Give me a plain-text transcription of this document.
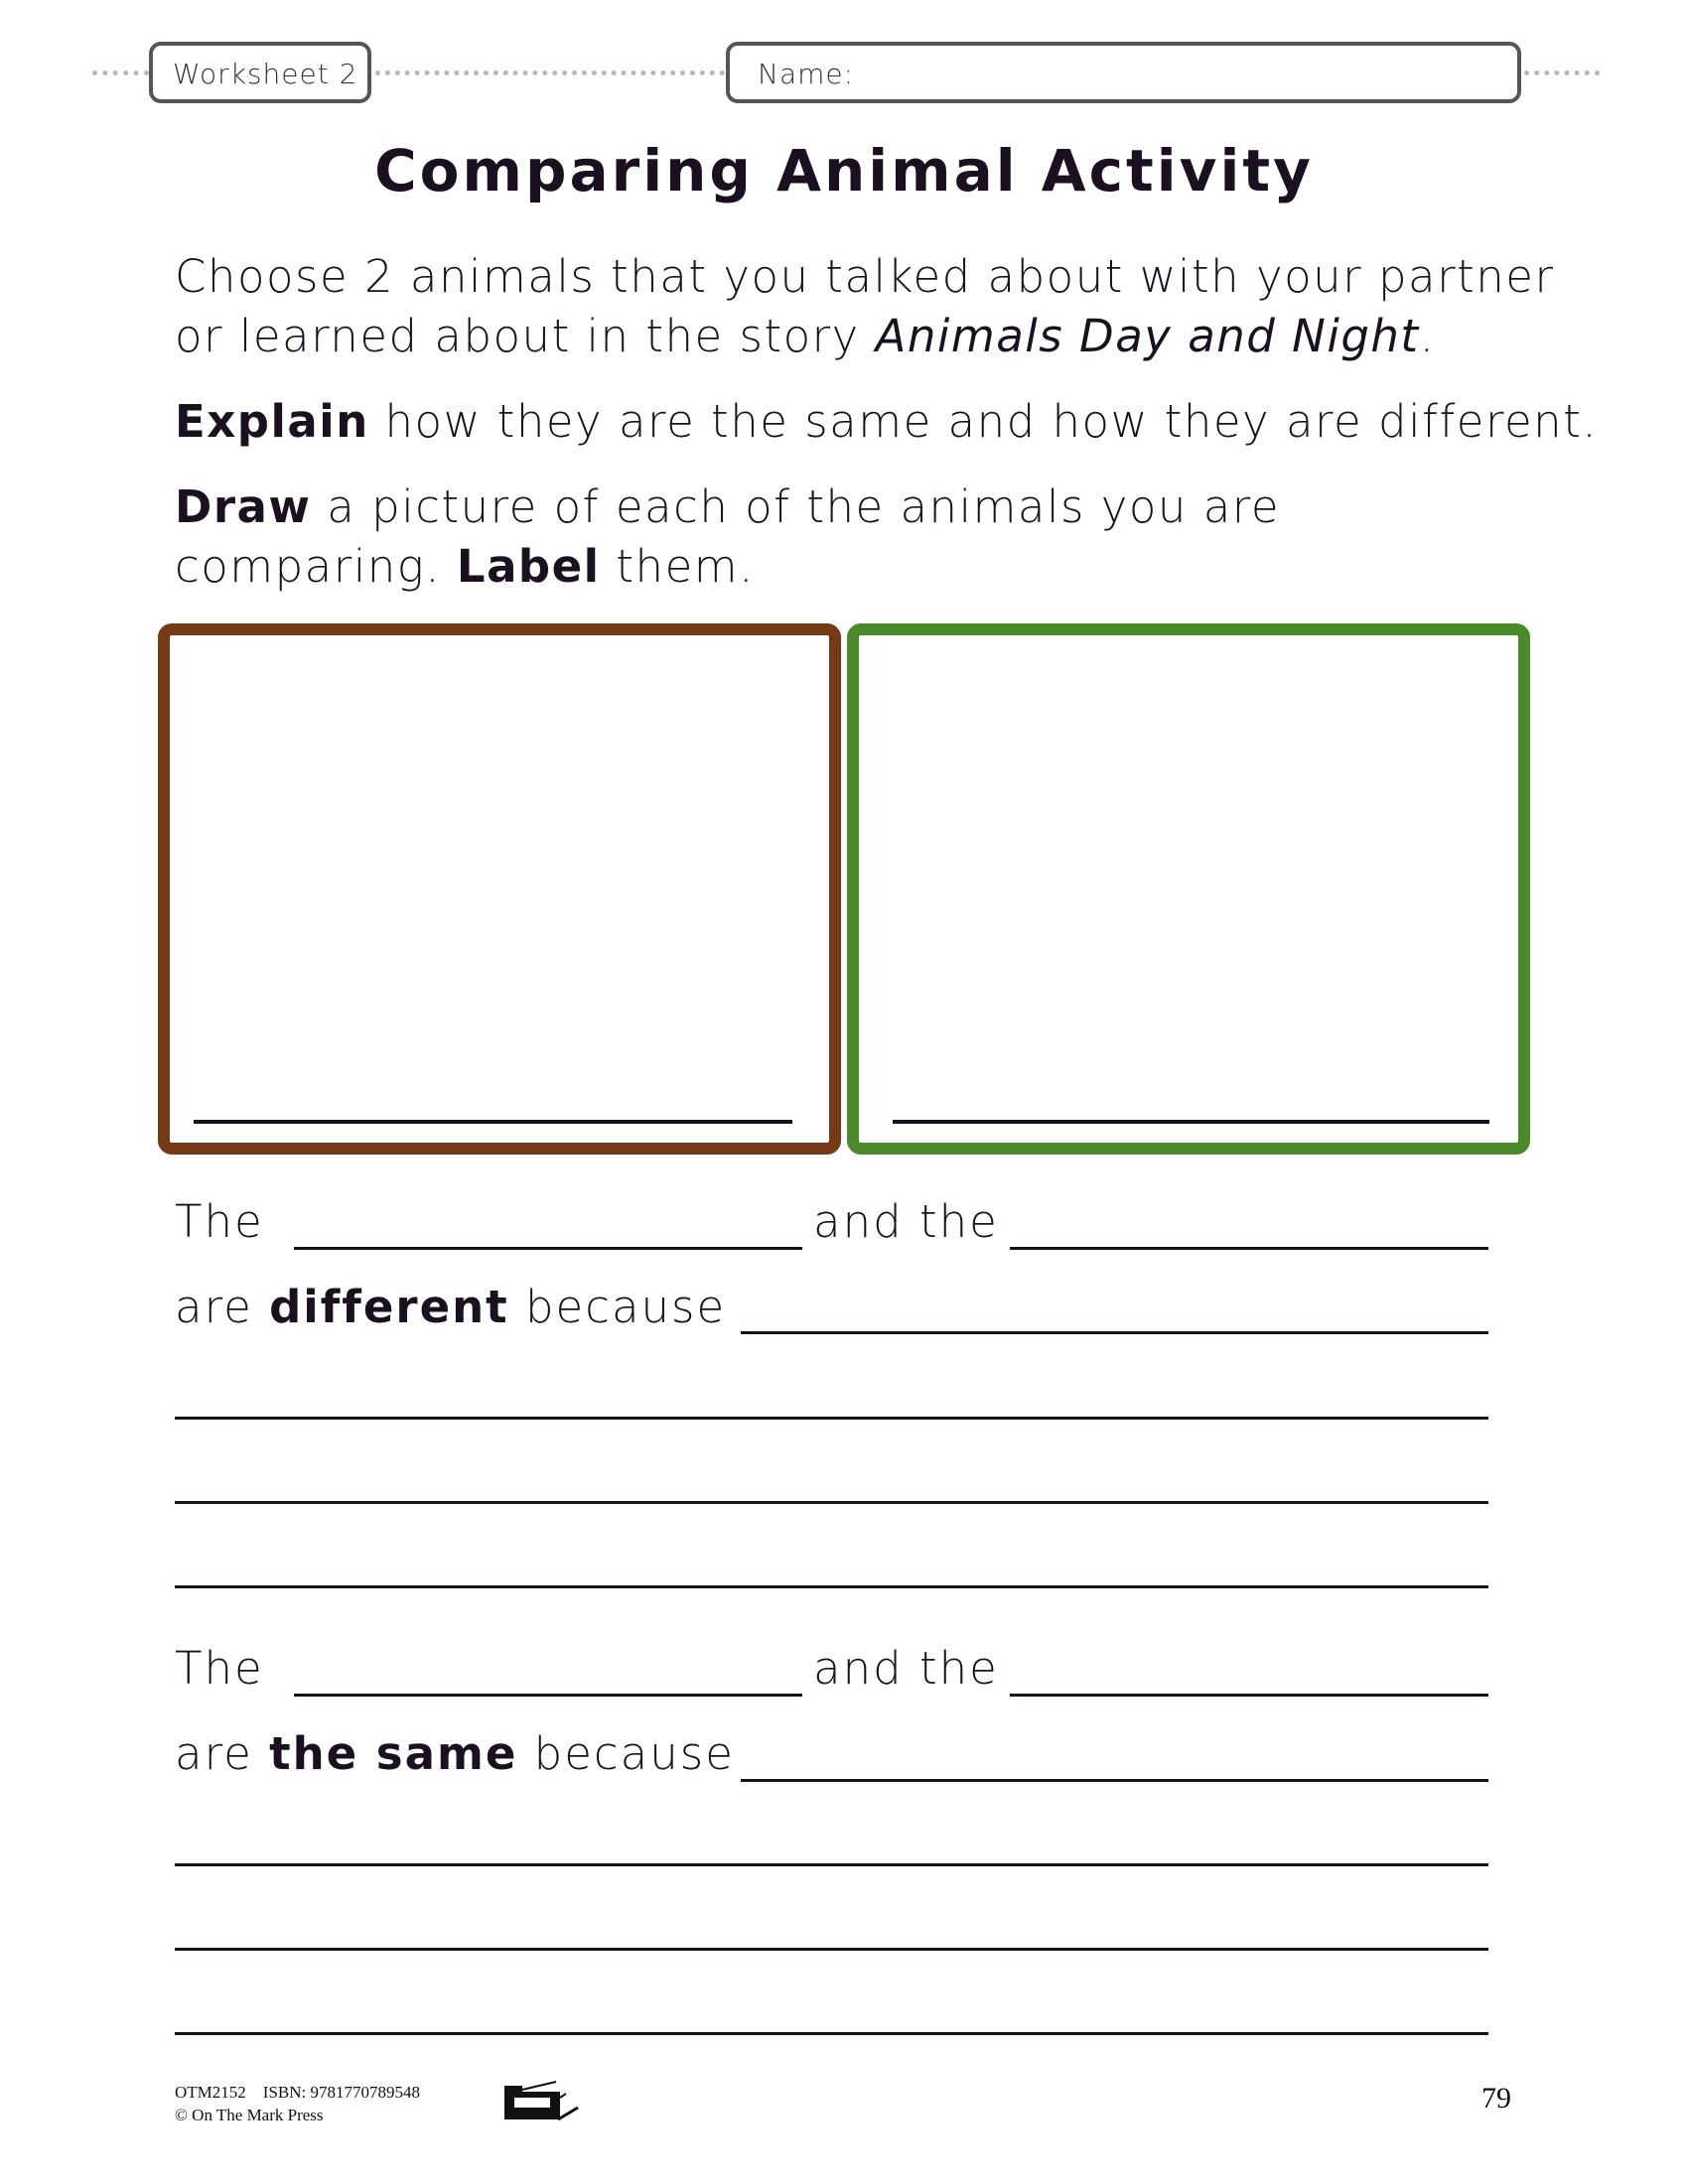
Worksheet 2	Name:
Comparing Animal Activity
Choose 2 animals that you talked about with your partner
or learned about in the story Animals Day and Night.
Explain how they are the same and how they are different.
Draw a picture of each of the animals you are
comparing. Label them.
The	and the
are different because
The	and the
are the same because
OTM2152 ISBN: 9781770789548
© On The Mark Press
79
